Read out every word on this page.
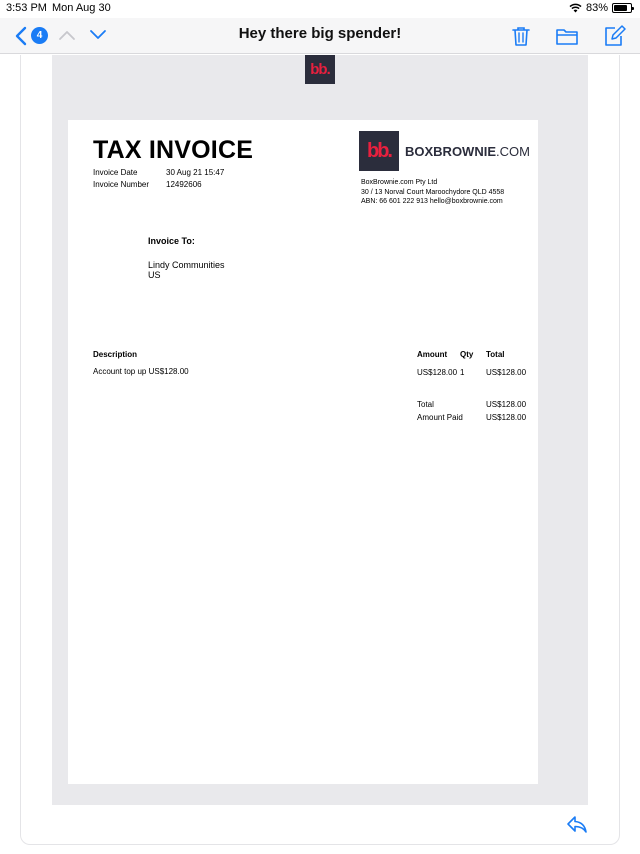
3:53 PM Mon Aug 30	83%
4	Hey there big spender!
bb.
TAX INVOICE
Invoice Date	30 Aug 21 15:47
Invoice Number 12492606
bb.	BOXBROWNIE.COM
BoxBrownie.com Pty Ltd
30 / 13 Norval Court Maroochydore QLD 4558
ABN: 66 601 222 913 hello@boxbrownie.com
Invoice To:
Lindy Communities
US
Description	Amount Qty Total
Account top up US$128.00	US$128.00 1	US$128.00
Total	US$128.00
Amount Paid	US$128.00
